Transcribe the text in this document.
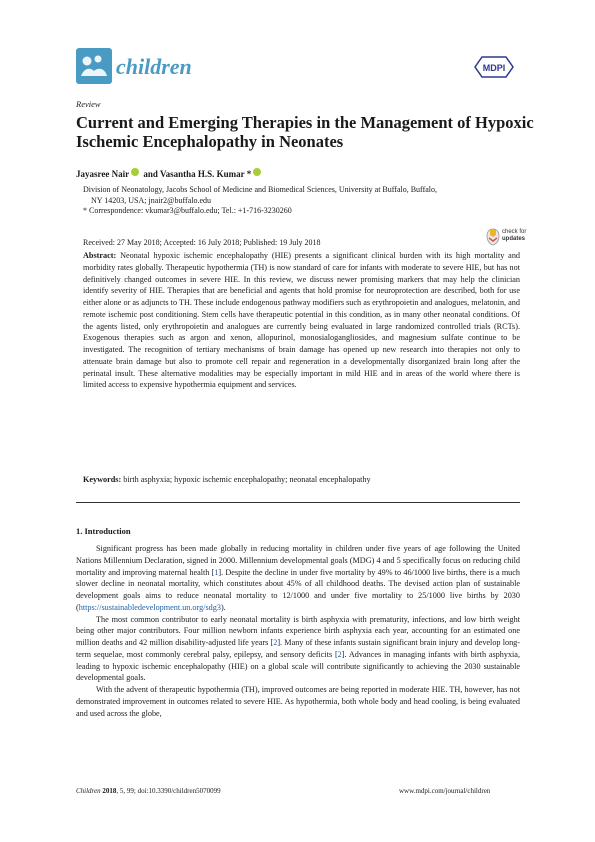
children	MDPI
Review
Current and Emerging Therapies in the Management of Hypoxic Ischemic Encephalopathy in Neonates
Jayasree Nair and Vasantha H.S. Kumar *
Division of Neonatology, Jacobs School of Medicine and Biomedical Sciences, University at Buffalo, Buffalo,
NY 14203, USA; jnair2@buffalo.edu
* Correspondence: vkumar3@buffalo.edu; Tel.: +1-716-3230260
Received: 27 May 2018; Accepted: 16 July 2018; Published: 19 July 2018
check for
updates
Abstract: Neonatal hypoxic ischemic encephalopathy (HIE) presents a significant clinical burden with its high mortality and morbidity rates globally. Therapeutic hypothermia (TH) is now standard of care for infants with moderate to severe HIE, but has not definitively changed outcomes in severe HIE. In this review, we discuss newer promising markers that may help the clinician identify severity of HIE. Therapies that are beneficial and agents that hold promise for neuroprotection are described, both for use either alone or as adjuncts to TH. These include endogenous pathway modifiers such as erythropoietin and analogues, melatonin, and remote ischemic post conditioning. Stem cells have therapeutic potential in this condition, as in many other neonatal conditions. Of the agents listed, only erythropoietin and analogues are currently being evaluated in large randomized controlled trials (RCTs). Exogenous therapies such as argon and xenon, allopurinol, monosialogangliosides, and magnesium sulfate continue to be investigated. The recognition of tertiary mechanisms of brain damage has opened up new research into therapies not only to attenuate brain damage but also to promote cell repair and regeneration in a developmentally disorganized brain long after the perinatal insult. These alternative modalities may be especially important in mild HIE and in areas of the world where there is limited access to expensive hypothermia equipment and services.
Keywords: birth asphyxia; hypoxic ischemic encephalopathy; neonatal encephalopathy
1. Introduction

Significant progress has been made globally in reducing mortality in children under five years of age following the United Nations Millennium Declaration, signed in 2000. Millennium developmental goals (MDG) 4 and 5 specifically focus on reducing child mortality and improving maternal health [1]. Despite the decline in under five mortality by 49% to 46/1000 live births, there is a much slower decline in neonatal mortality, which constitutes about 45% of all childhood deaths. The devised action plan of sustainable development goals aims to reduce neonatal mortality to 12/1000 and under five mortality to 25/1000 live births by 2030 (https://sustainabledevelopment.un.org/sdg3).

The most common contributor to early neonatal mortality is birth asphyxia with prematurity, infections, and low birth weight being other major contributors. Four million newborn infants experience birth asphyxia each year, accounting for an estimated one million deaths and 42 million disability-adjusted life years [2]. Many of these infants sustain significant brain injury and develop long-term sequelae, most commonly cerebral palsy, epilepsy, and sensory deficits [2]. Advances in managing infants with birth asphyxia, leading to hypoxic ischemic encephalopathy (HIE) on a global scale will contribute significantly to achieving the 2030 sustainable developmental goals.

With the advent of therapeutic hypothermia (TH), improved outcomes are being reported in moderate HIE. TH, however, has not demonstrated improvement in outcomes related to severe HIE. As hypothermia, both whole body and head cooling, is being evaluated and used across the globe,

Children 2018, 5, 99; doi:10.3390/children5070099	www.mdpi.com/journal/children
